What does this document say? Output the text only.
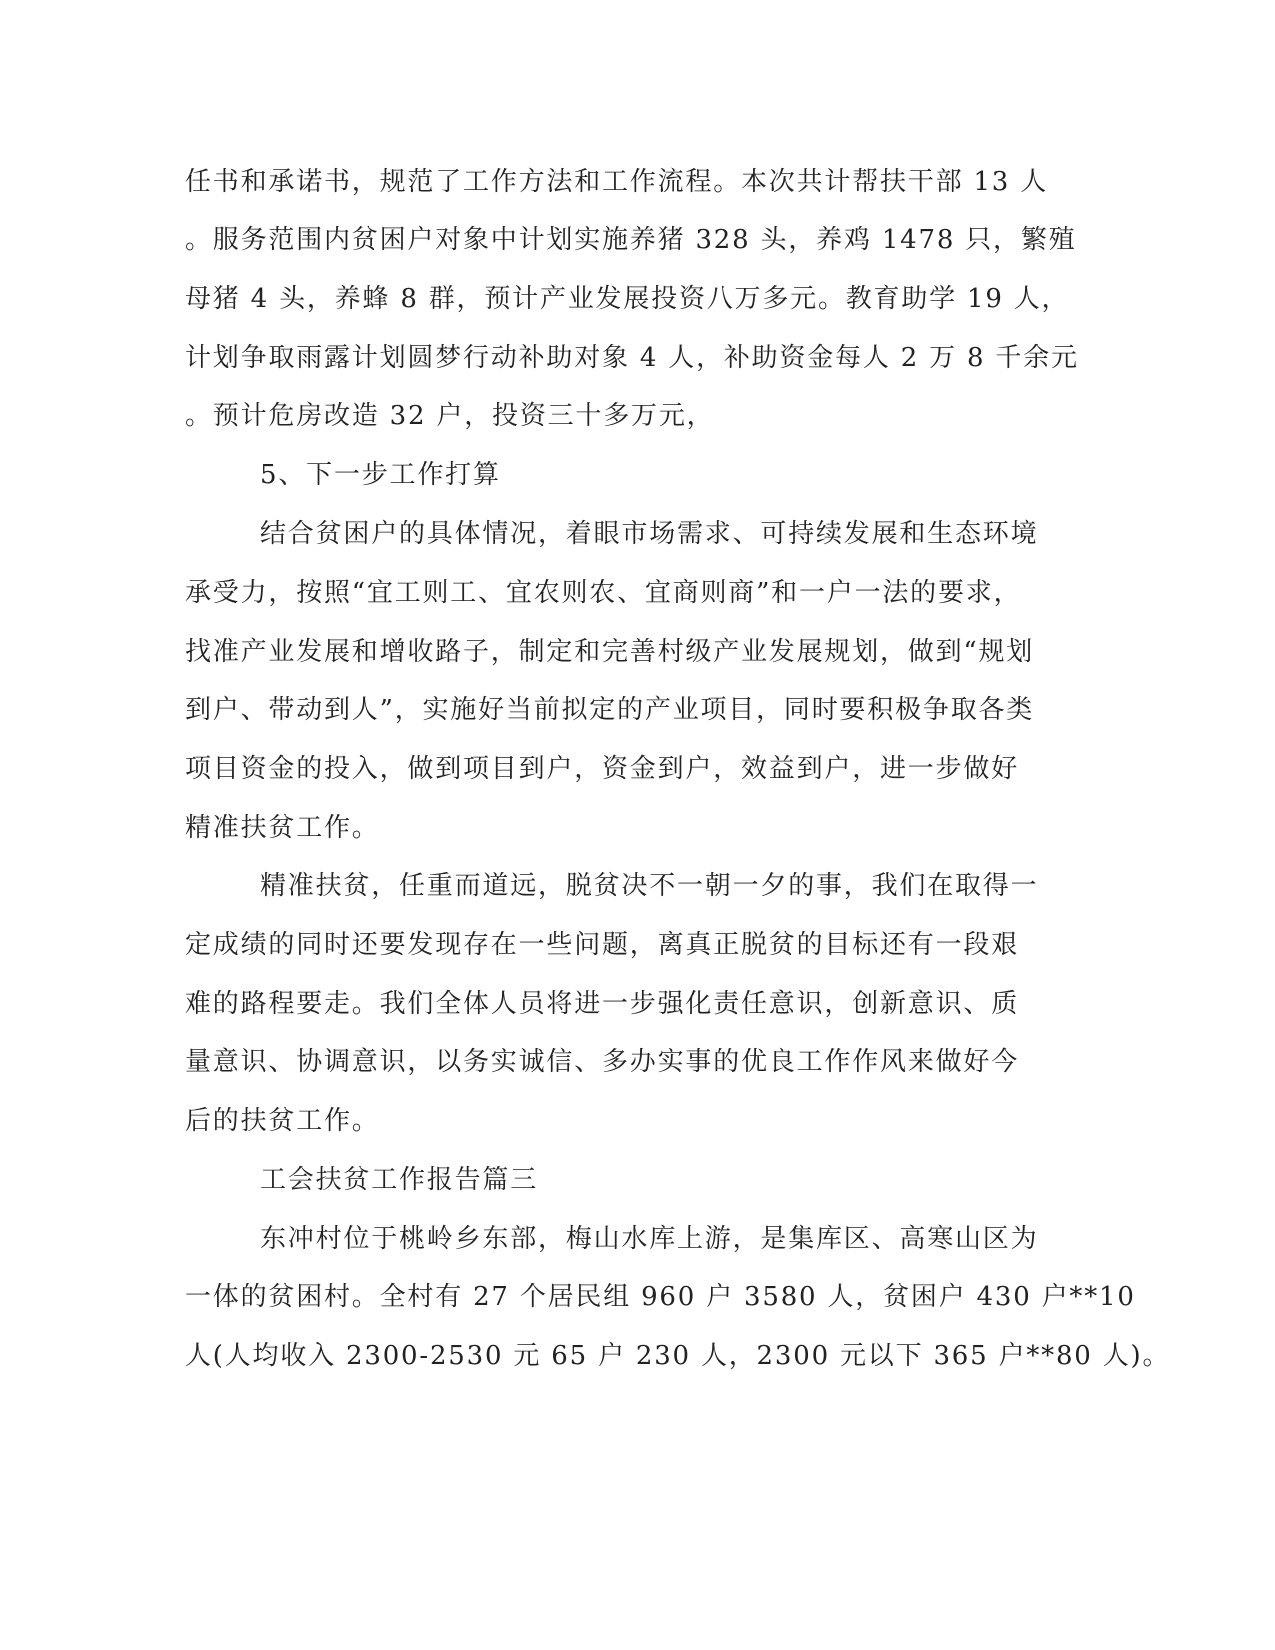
任书和承诺书，规范了工作方法和工作流程。本次共计帮扶干部 13 人
。服务范围内贫困户对象中计划实施养猪 328 头，养鸡 1478 只，繁殖
母猪 4 头，养蜂 8 群，预计产业发展投资八万多元。教育助学 19 人，
计划争取雨露计划圆梦行动补助对象 4 人，补助资金每人 2 万 8 千余元
。预计危房改造 32 户，投资三十多万元，
5、下一步工作打算
结合贫困户的具体情况，着眼市场需求、可持续发展和生态环境
承受力，按照“宜工则工、宜农则农、宜商则商”和一户一法的要求，
找准产业发展和增收路子，制定和完善村级产业发展规划，做到“规划
到户、带动到人”，实施好当前拟定的产业项目，同时要积极争取各类
项目资金的投入，做到项目到户，资金到户，效益到户，进一步做好
精准扶贫工作。
精准扶贫，任重而道远，脱贫决不一朝一夕的事，我们在取得一
定成绩的同时还要发现存在一些问题，离真正脱贫的目标还有一段艰
难的路程要走。我们全体人员将进一步强化责任意识，创新意识、质
量意识、协调意识，以务实诚信、多办实事的优良工作作风来做好今
后的扶贫工作。
工会扶贫工作报告篇三
东冲村位于桃岭乡东部，梅山水库上游，是集库区、高寒山区为
一体的贫困村。全村有 27 个居民组 960 户 3580 人，贫困户 430 户**10
人(人均收入 2300-2530 元 65 户 230 人，2300 元以下 365 户**80 人)。
